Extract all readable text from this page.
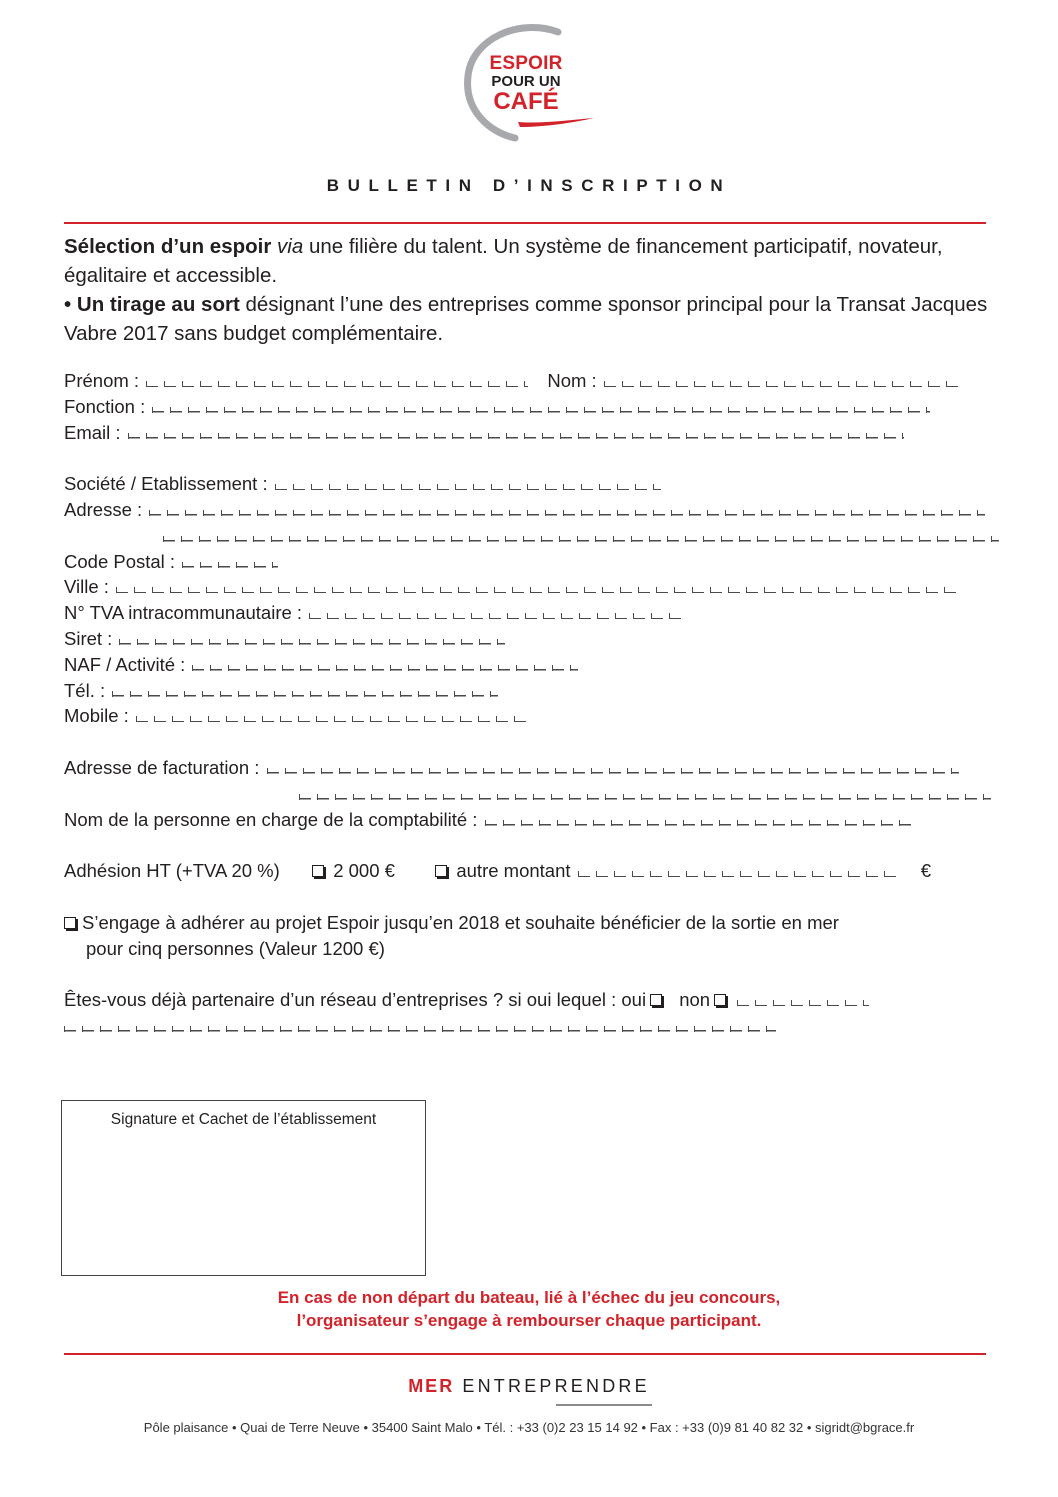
ESPOIR
POUR UN
CAFÉ
BULLETIN D’INSCRIPTION

Sélection d’un espoir via une filière du talent. Un système de financement participatif, novateur, égalitaire et accessible.

• Un tirage au sort désignant l’une des entreprises comme sponsor principal pour la Transat Jacques Vabre 2017 sans budget complémentaire.

Prénom :	Nom :
Fonction :
Email :
Société / Etablissement :
Adresse :

Code Postal :
Ville :
N° TVA intracommunautaire :
Siret :
NAF / Activité :
Tél. :
Mobile :
Adresse de facturation :

Nom de la personne en charge de la comptabilité :
Adhésion HT (+TVA 20 %)	2 000 €	autre montant	€
S’engage à adhérer au projet Espoir jusqu’en 2018 et souhaite bénéficier de la sortie en mer
pour cinq personnes (Valeur 1200 €)
Êtes-vous déjà partenaire d’un réseau d’entreprises ? si oui lequel : oui non
Signature et Cachet de l’établissement
En cas de non départ du bateau, lié à l’échec du jeu concours,
l’organisateur s’engage à rembourser chaque participant.
MER ENTREPRENDRE
Pôle plaisance • Quai de Terre Neuve • 35400 Saint Malo • Tél. : +33 (0)2 23 15 14 92 • Fax : +33 (0)9 81 40 82 32 • sigridt@bgrace.fr
